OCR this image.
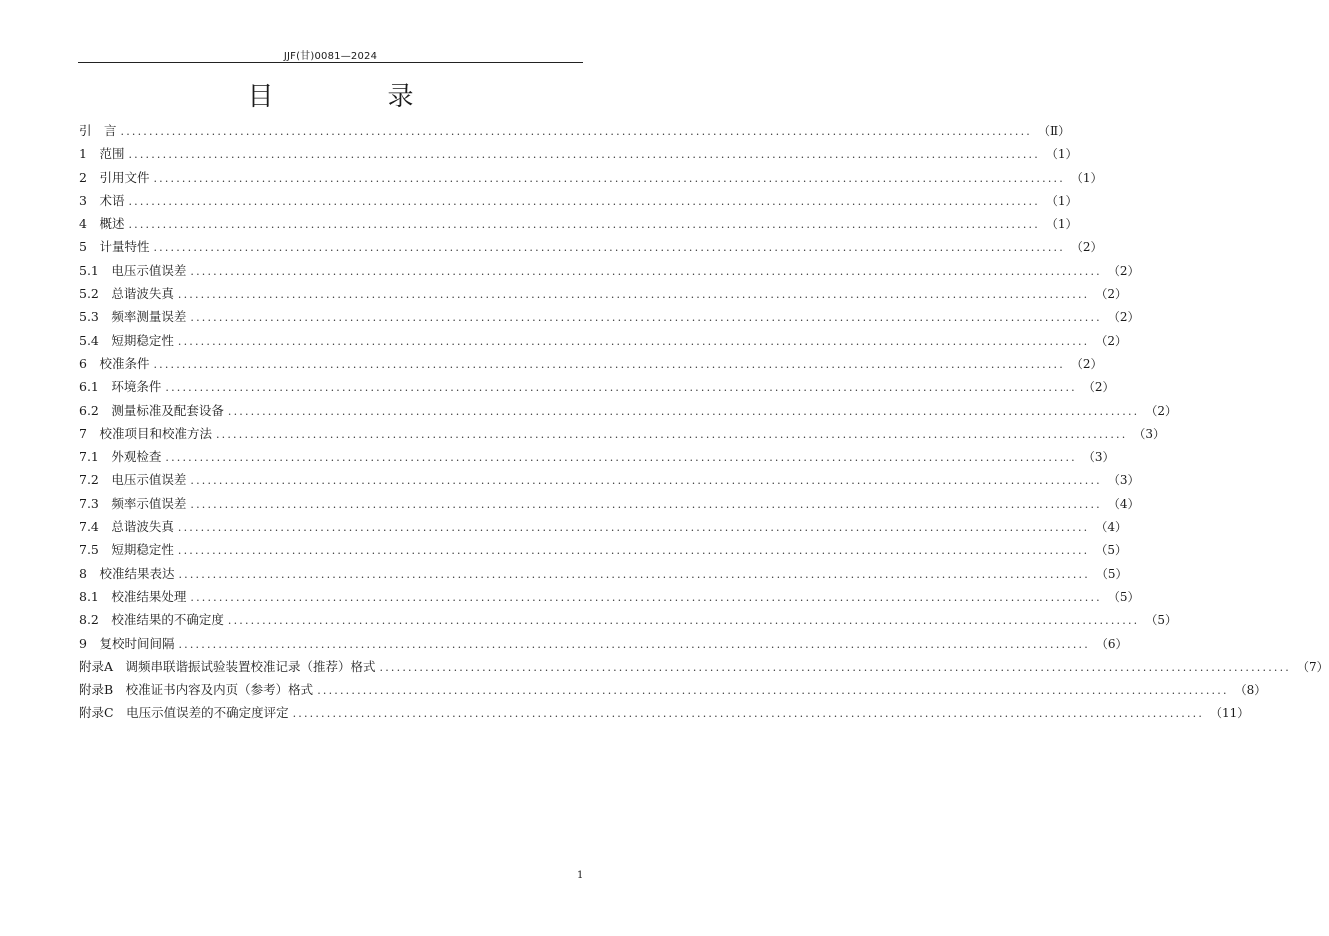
JJF(甘)0081—2024
目　录
引　言 ................................................................................................................................................................ （Ⅱ）
1　范围 ................................................................................................................................................................ （1）
2　引用文件 ................................................................................................................................................................ （1）
3　术语 ................................................................................................................................................................ （1）
4　概述 ................................................................................................................................................................ （1）
5　计量特性 ................................................................................................................................................................ （2）
5.1　电压示值误差 ................................................................................................................................................................ （2）
5.2　总谐波失真 ................................................................................................................................................................ （2）
5.3　频率测量误差 ................................................................................................................................................................ （2）
5.4　短期稳定性 ................................................................................................................................................................ （2）
6　校准条件 ................................................................................................................................................................ （2）
6.1　环境条件 ................................................................................................................................................................ （2）
6.2　测量标准及配套设备 ................................................................................................................................................................ （2）
7　校准项目和校准方法 ................................................................................................................................................................ （3）
7.1　外观检查 ................................................................................................................................................................ （3）
7.2　电压示值误差 ................................................................................................................................................................ （3）
7.3　频率示值误差 ................................................................................................................................................................ （4）
7.4　总谐波失真 ................................................................................................................................................................ （4）
7.5　短期稳定性 ................................................................................................................................................................ （5）
8　校准结果表达 ................................................................................................................................................................ （5）
8.1　校准结果处理 ................................................................................................................................................................ （5）
8.2　校准结果的不确定度 ................................................................................................................................................................ （5）
9　复校时间间隔 ................................................................................................................................................................ （6）
附录A　调频串联谐振试验装置校准记录（推荐）格式 ................................................................................................................................................................ （7）
附录B　校准证书内容及内页（参考）格式 ................................................................................................................................................................ （8）
附录C　电压示值误差的不确定度评定 ................................................................................................................................................................ （11）
1
